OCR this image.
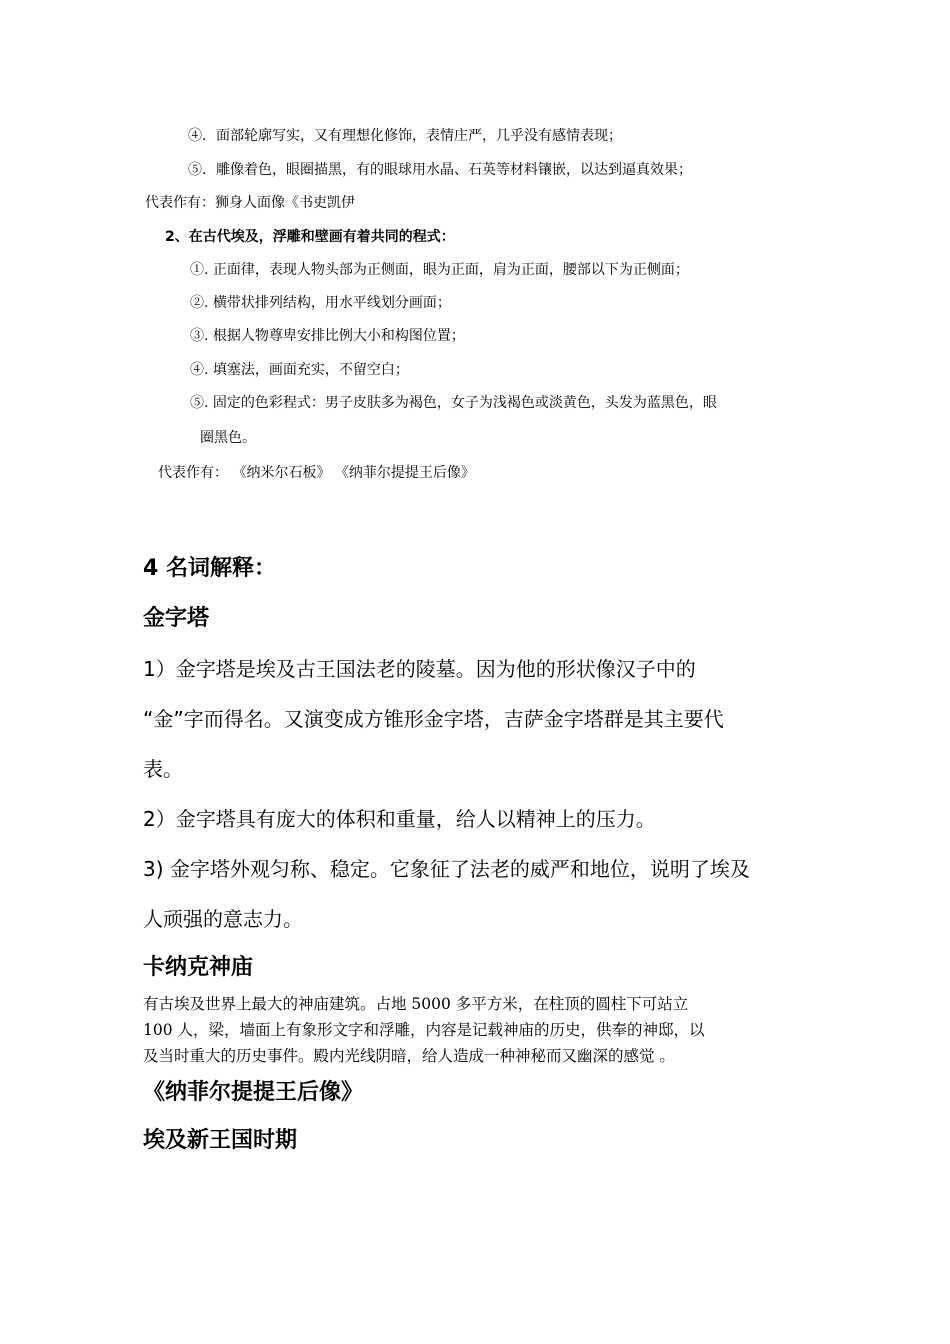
④．面部轮廓写实，又有理想化修饰，表情庄严，几乎没有感情表现；
⑤．雕像着色，眼圈描黑，有的眼球用水晶、石英等材料镶嵌，以达到逼真效果；
代表作有：狮身人面像《书吏凯伊
2、在古代埃及，浮雕和壁画有着共同的程式：
①. 正面律，表现人物头部为正侧面，眼为正面，肩为正面，腰部以下为正侧面；
②. 横带状排列结构，用水平线划分画面；
③. 根据人物尊卑安排比例大小和构图位置；
④. 填塞法，画面充实，不留空白；
⑤. 固定的色彩程式：男子皮肤多为褐色，女子为浅褐色或淡黄色，头发为蓝黑色，眼
圈黑色。
代表作有： 《纳米尔石板》 《纳菲尔提提王后像》
4 名词解释：
金字塔
1）金字塔是埃及古王国法老的陵墓。因为他的形状像汉子中的
“金”字而得名。又演变成方锥形金字塔，吉萨金字塔群是其主要代
表。
2）金字塔具有庞大的体积和重量，给人以精神上的压力。
3) 金字塔外观匀称、稳定。它象征了法老的威严和地位，说明了埃及
人顽强的意志力。
卡纳克神庙
有古埃及世界上最大的神庙建筑。占地 5000 多平方米，在柱顶的圆柱下可站立
100 人，梁，墙面上有象形文字和浮雕，内容是记载神庙的历史，供奉的神邸，以
及当时重大的历史事件。殿内光线阴暗，给人造成一种神秘而又幽深的感觉 。
《纳菲尔提提王后像》
埃及新王国时期
